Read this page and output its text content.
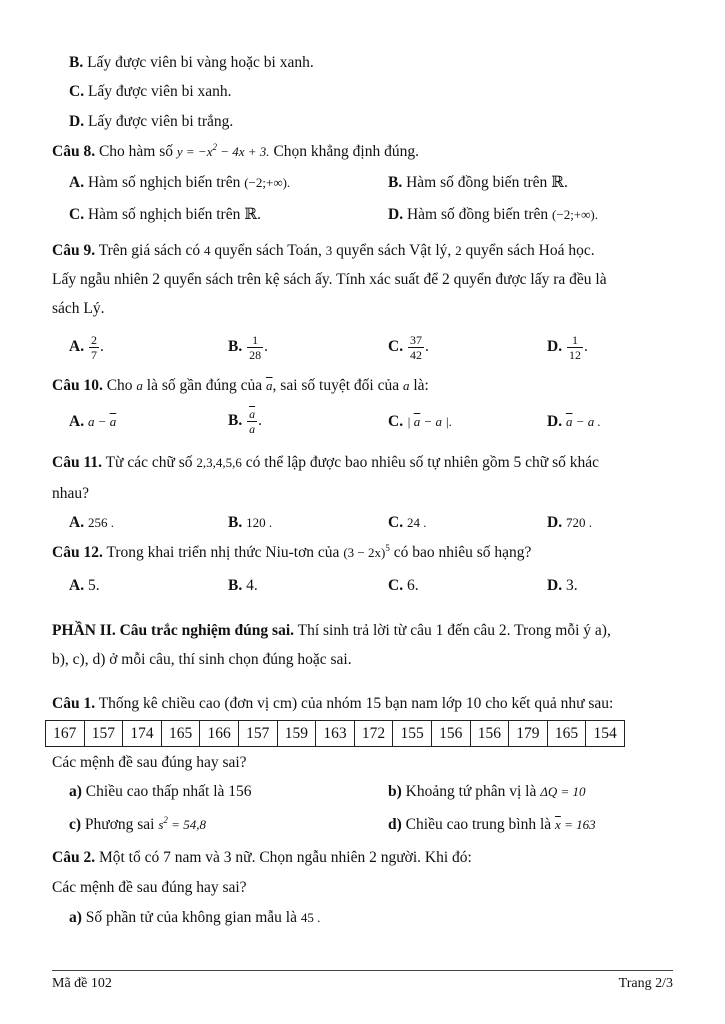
B. Lấy được viên bi vàng hoặc bi xanh.
C. Lấy được viên bi xanh.
D. Lấy được viên bi trắng.
Câu 8. Cho hàm số $y = -x^2 - 4x + 3$. Chọn khẳng định đúng.
A. Hàm số nghịch biến trên (−2;+∞).	B. Hàm số đồng biến trên ℝ.
C. Hàm số nghịch biến trên ℝ.	D. Hàm số đồng biến trên (−2;+∞).
Câu 9. Trên giá sách có 4 quyển sách Toán, 3 quyển sách Vật lý, 2 quyển sách Hoá học.
Lấy ngẫu nhiên 2 quyển sách trên kệ sách ấy. Tính xác suất để 2 quyển được lấy ra đều là
sách Lý.
A. $\frac{2}{7}$ .	B. $\frac{1}{28}$ .	C. $\frac{37}{42}$ .	D. $\frac{1}{12}$ .
Câu 10. Cho a là số gần đúng của $\overline{a}$, sai số tuyệt đối của a là:
A. $a - \overline{a}$	B. $\frac{\overline{a}}{a}$ .	C. | $\overline{a} - a$ |.	D. $\overline{a} - a$ .
Câu 11. Từ các chữ số 2,3,4,5,6 có thể lập được bao nhiêu số tự nhiên gồm 5 chữ số khác
nhau?
A. 256 .	B. 120 .	C. 24 .	D. 720 .
Câu 12. Trong khai triển nhị thức Niu-tơn của $(3 - 2x)^5$ có bao nhiêu số hạng?
A. 5.	B. 4.	C. 6.	D. 3.
PHẦN II. Câu trắc nghiệm đúng sai. Thí sinh trả lời từ câu 1 đến câu 2. Trong mỗi ý a),
b), c), d) ở mỗi câu, thí sinh chọn đúng hoặc sai.
Câu 1. Thống kê chiều cao (đơn vị cm) của nhóm 15 bạn nam lớp 10 cho kết quả như sau:
167	157	174	165	166	157	159	163	172	155	156	156	179	165	154
Các mệnh đề sau đúng hay sai?
a) Chiều cao thấp nhất là 156	b) Khoảng tứ phân vị là ΔQ = 10
c) Phương sai $s^2 = 54,8$	d) Chiều cao trung bình là $\overline{x} = 163$
Câu 2. Một tổ có 7 nam và 3 nữ. Chọn ngẫu nhiên 2 người. Khi đó:
Các mệnh đề sau đúng hay sai?
a) Số phần tử của không gian mẫu là 45 .
Mã đề 102	Trang 2/3
